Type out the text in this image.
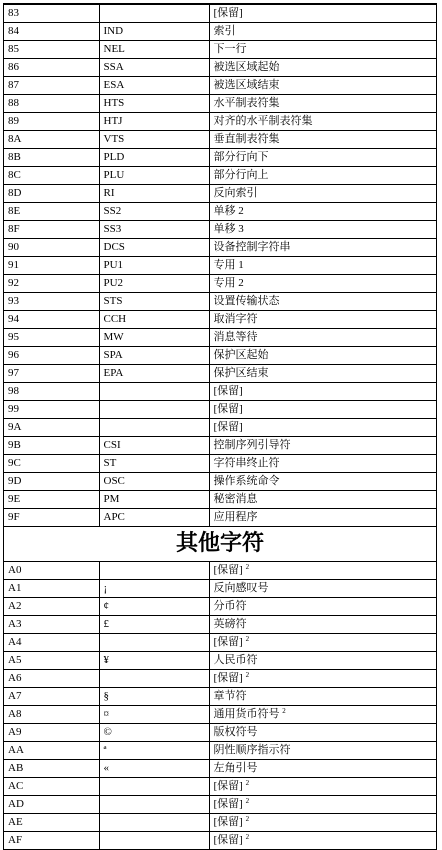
83		[保留]
84	IND	索引
85	NEL	下一行
86	SSA	被选区域起始
87	ESA	被选区域结束
88	HTS	水平制表符集
89	HTJ	对齐的水平制表符集
8A	VTS	垂直制表符集
8B	PLD	部分行向下
8C	PLU	部分行向上
8D	RI	反向索引
8E	SS2	单移 2
8F	SS3	单移 3
90	DCS	设备控制字符串
91	PU1	专用 1
92	PU2	专用 2
93	STS	设置传输状态
94	CCH	取消字符
95	MW	消息等待
96	SPA	保护区起始
97	EPA	保护区结束
98		[保留]
99		[保留]
9A		[保留]
9B	CSI	控制序列引导符
9C	ST	字符串终止符
9D	OSC	操作系统命令
9E	PM	秘密消息
9F	APC	应用程序
其他字符		
A0		[保留] $^2$
A1	¡	反向感叹号
A2	¢	分币符
A3	£	英磅符
A4		[保留] $^2$
A5	¥	人民币符
A6		[保留] $^2$
A7	§	章节符
A8	¤	通用货币符号 $^2$
A9	©	版权符号
AA	ª	阴性顺序指示符
AB	«	左角引号
AC		[保留] $^2$
AD		[保留] $^2$
AE		[保留] $^2$
AF		[保留] $^2$
